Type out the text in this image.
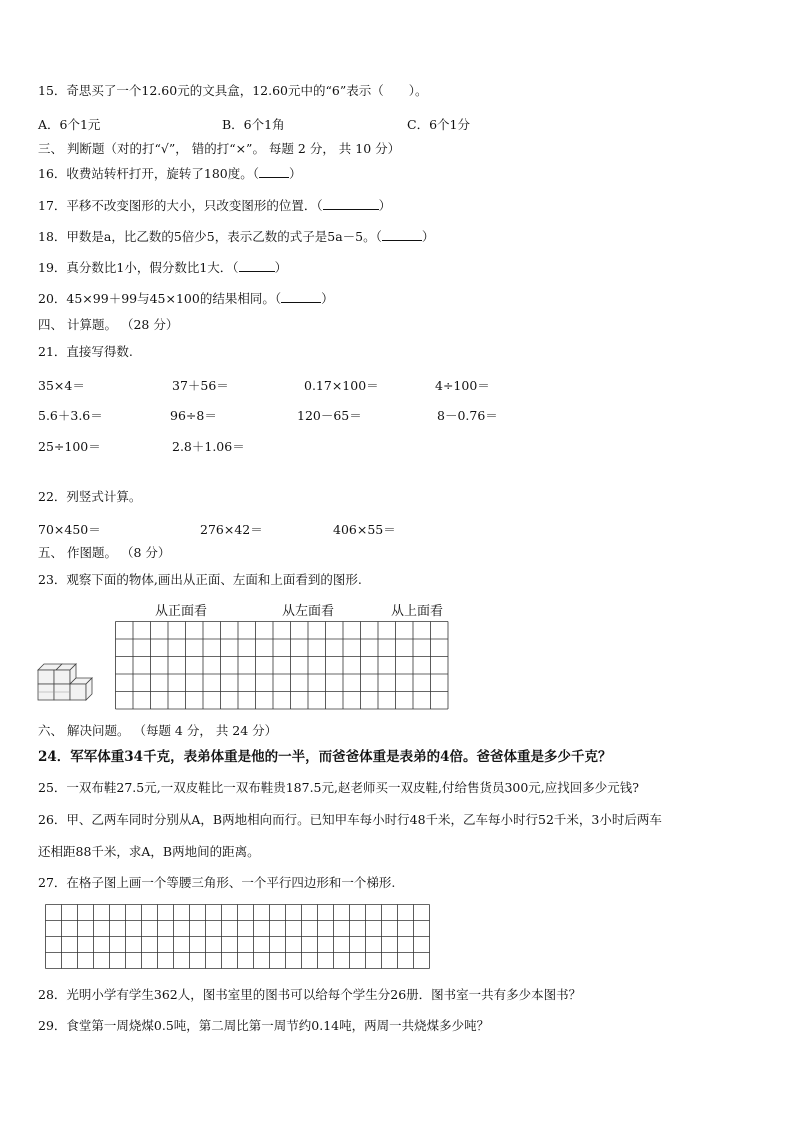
15．奇思买了一个12.60元的文具盒，12.60元中的“6”表示（　　）。
A．6个1元	B．6个1角	C．6个1分
三、 判断题（对的打“√”， 错的打“×”。 每题 2 分， 共 10 分）
16．收费站转杆打开，旋转了180度。（ ）
17．平移不改变图形的大小，只改变图形的位置．（	）
18．甲数是a，比乙数的5倍少5，表示乙数的式子是5a－5。（	）
19．真分数比1小，假分数比1大．（	）
20．45×99＋99与45×100的结果相同。（	）
四、 计算题。 （28 分）
21．直接写得数.
35×4＝	37＋56＝	0.17×100＝	4÷100＝
5.6＋3.6＝	96÷8＝	120－65＝	8－0.76＝
25÷100＝	2.8＋1.06＝
22．列竖式计算。
70×450＝	276×42＝	406×55＝
五、 作图题。 （8 分）
23．观察下面的物体,画出从正面、左面和上面看到的图形.
从正面看	从左面看	从上面看
六、 解决问题。 （每题 4 分， 共 24 分）
24．军军体重34千克，表弟体重是他的一半，而爸爸体重是表弟的4倍。爸爸体重是多少千克？
25．一双布鞋27.5元,一双皮鞋比一双布鞋贵187.5元,赵老师买一双皮鞋,付给售货员300元,应找回多少元钱?
26．甲、乙两车同时分别从A，B两地相向而行。已知甲车每小时行48千米，乙车每小时行52千米，3小时后两车
还相距88千米，求A，B两地间的距离。
27．在格子图上画一个等腰三角形、一个平行四边形和一个梯形.
28．光明小学有学生362人，图书室里的图书可以给每个学生分26册．图书室一共有多少本图书？
29．食堂第一周烧煤0.5吨，第二周比第一周节约0.14吨，两周一共烧煤多少吨？
